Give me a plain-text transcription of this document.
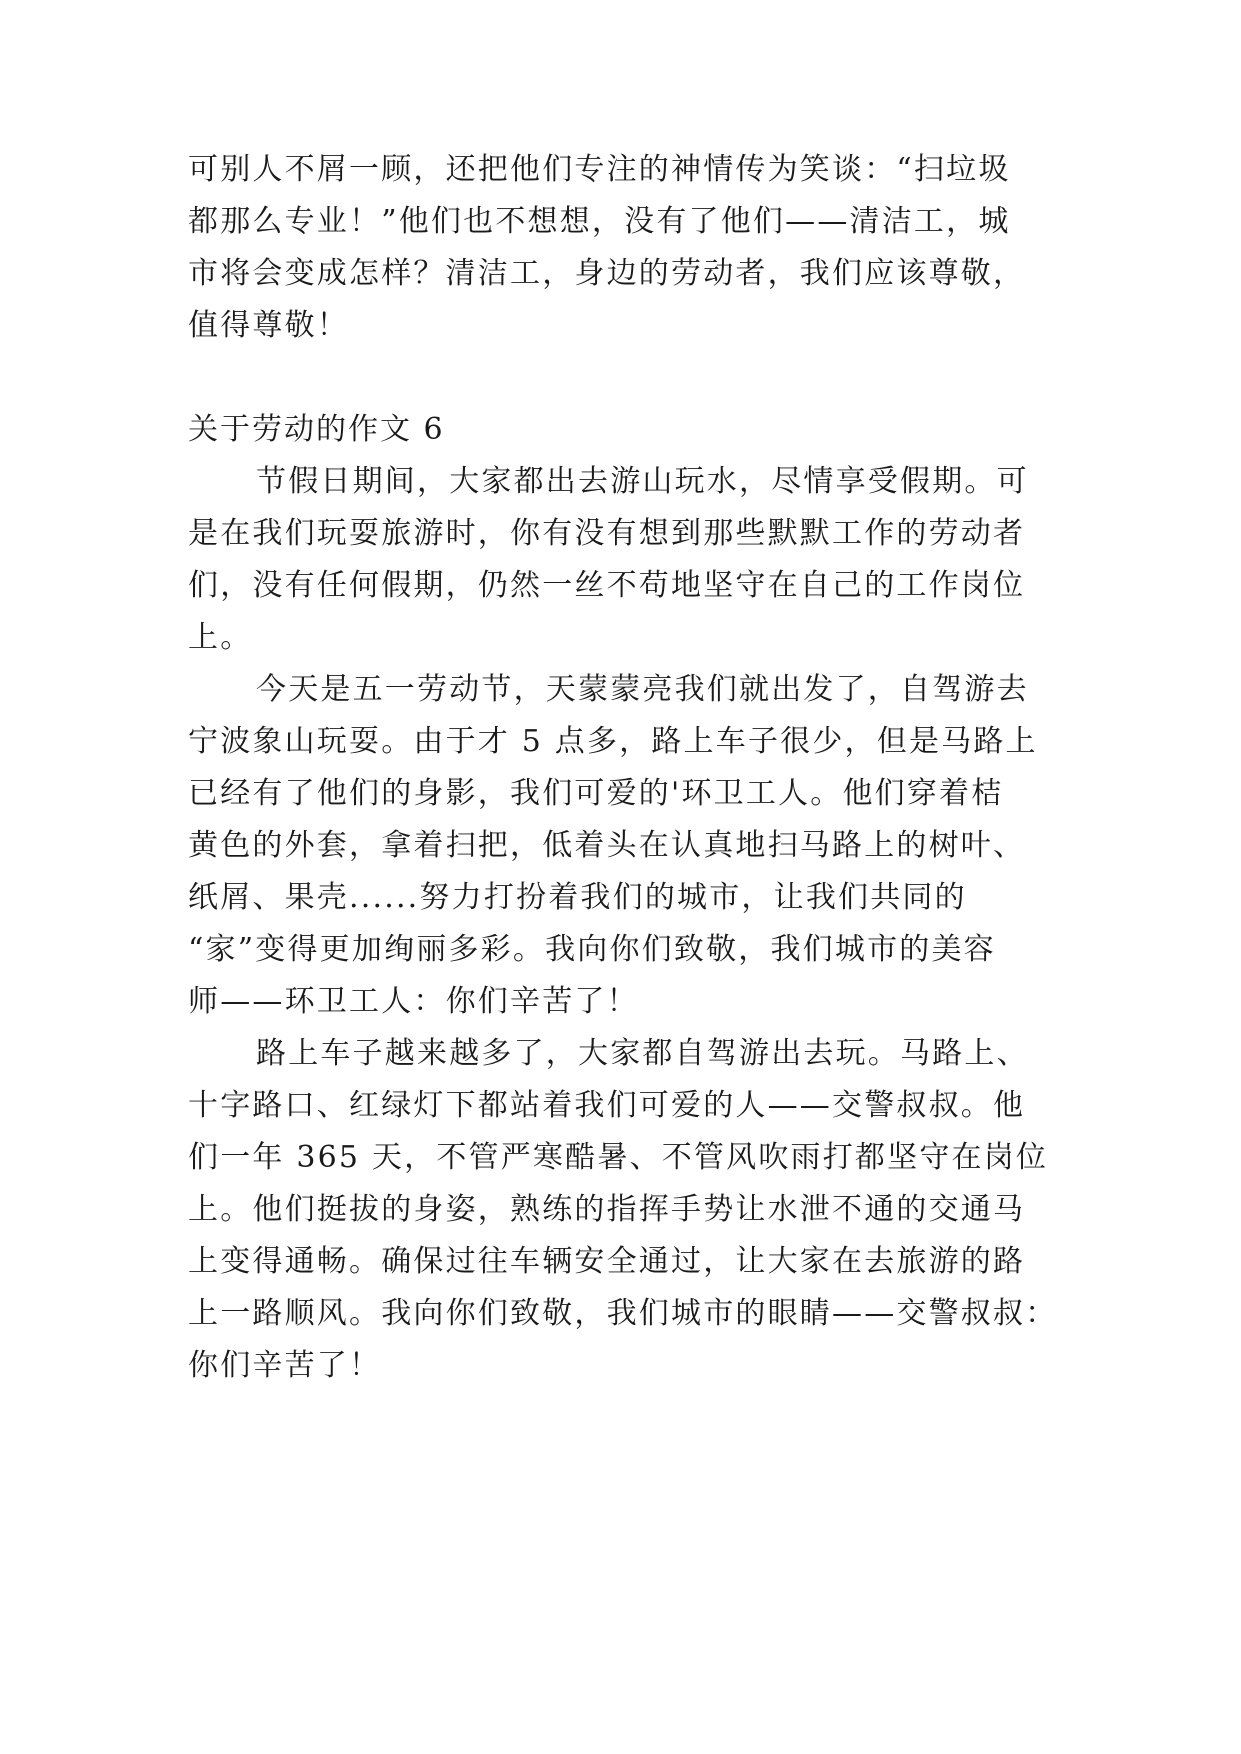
可别人不屑一顾，还把他们专注的神情传为笑谈：“扫垃圾
都那么专业！”他们也不想想，没有了他们——清洁工，城
市将会变成怎样？清洁工，身边的劳动者，我们应该尊敬，
值得尊敬！
关于劳动的作文 6
节假日期间，大家都出去游山玩水，尽情享受假期。可
是在我们玩耍旅游时，你有没有想到那些默默工作的劳动者
们，没有任何假期，仍然一丝不苟地坚守在自己的工作岗位
上。
今天是五一劳动节，天蒙蒙亮我们就出发了，自驾游去
宁波象山玩耍。由于才 5 点多，路上车子很少，但是马路上
已经有了他们的身影，我们可爱的'环卫工人。他们穿着桔
黄色的外套，拿着扫把，低着头在认真地扫马路上的树叶、
纸屑、果壳......努力打扮着我们的城市，让我们共同的
“家”变得更加绚丽多彩。我向你们致敬，我们城市的美容
师——环卫工人：你们辛苦了！
路上车子越来越多了，大家都自驾游出去玩。马路上、
十字路口、红绿灯下都站着我们可爱的人——交警叔叔。他
们一年 365 天，不管严寒酷暑、不管风吹雨打都坚守在岗位
上。他们挺拔的身姿，熟练的指挥手势让水泄不通的交通马
上变得通畅。确保过往车辆安全通过，让大家在去旅游的路
上一路顺风。我向你们致敬，我们城市的眼睛——交警叔叔：
你们辛苦了！
